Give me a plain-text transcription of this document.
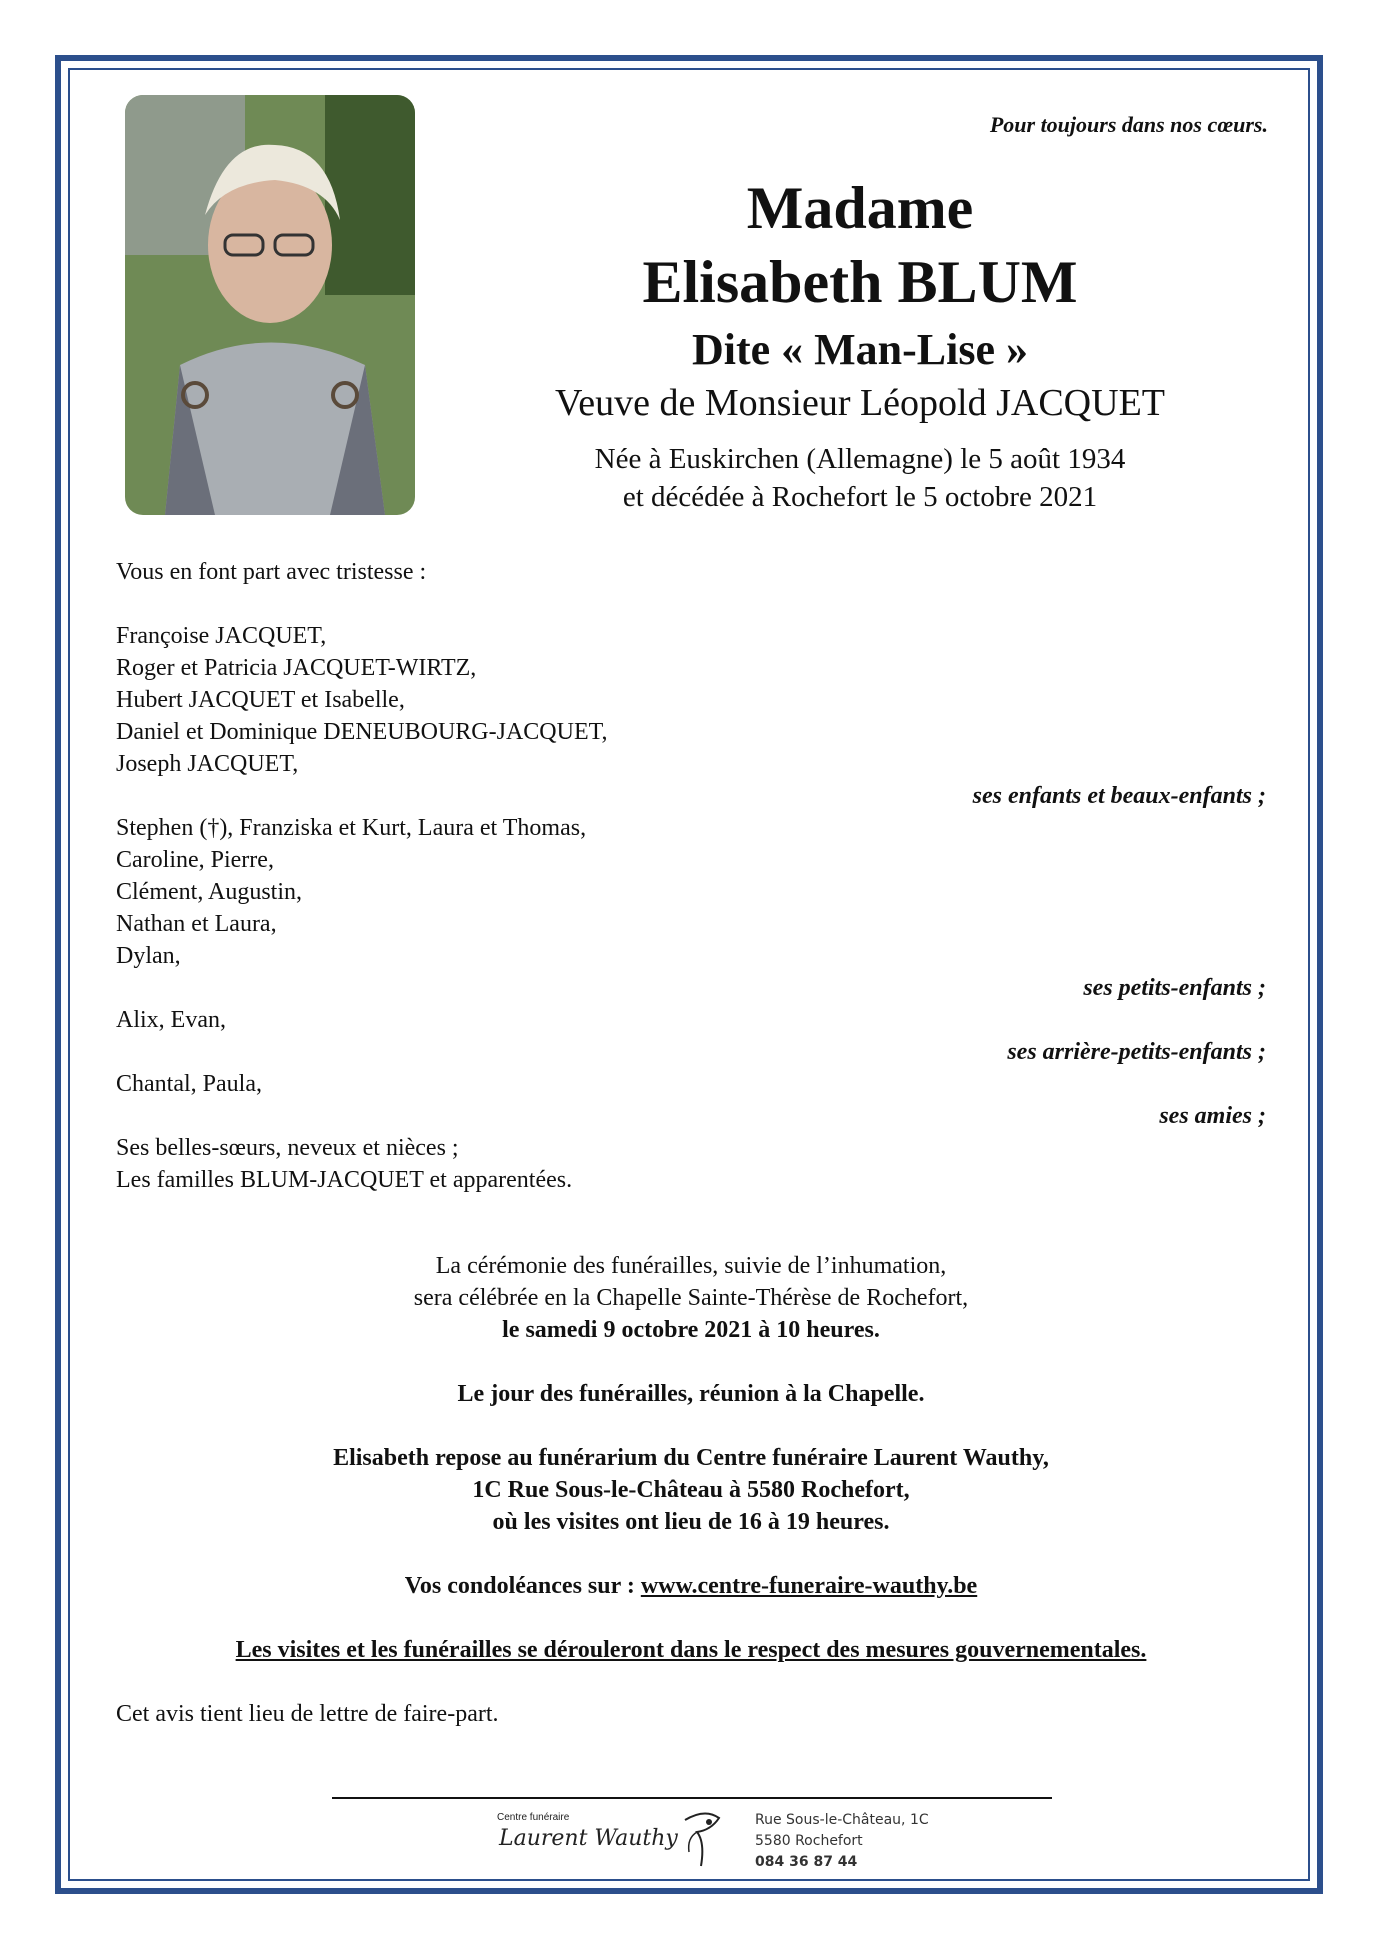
Pour toujours dans nos cœurs.
Madame
Elisabeth BLUM
Dite « Man-Lise »
Veuve de Monsieur Léopold JACQUET
Née à Euskirchen (Allemagne) le 5 août 1934
et décédée à Rochefort le 5 octobre 2021
Vous en font part avec tristesse :
Françoise JACQUET,
Roger et Patricia JACQUET-WIRTZ,
Hubert JACQUET et Isabelle,
Daniel et Dominique DENEUBOURG-JACQUET,
Joseph JACQUET,
ses enfants et beaux-enfants ;
Stephen (†), Franziska et Kurt, Laura et Thomas,
Caroline, Pierre,
Clément, Augustin,
Nathan et Laura,
Dylan,
ses petits-enfants ;
Alix, Evan,
ses arrière-petits-enfants ;
Chantal, Paula,
ses amies ;
Ses belles-sœurs, neveux et nièces ;
Les familles BLUM-JACQUET et apparentées.
La cérémonie des funérailles, suivie de l’inhumation,
sera célébrée en la Chapelle Sainte-Thérèse de Rochefort,
le samedi 9 octobre 2021 à 10 heures.
Le jour des funérailles, réunion à la Chapelle.
Elisabeth repose au funérarium du Centre funéraire Laurent Wauthy,
1C Rue Sous-le-Château à 5580 Rochefort,
où les visites ont lieu de 16 à 19 heures.
Vos condoléances sur : www.centre-funeraire-wauthy.be
Les visites et les funérailles se dérouleront dans le respect des mesures gouvernementales.
Cet avis tient lieu de lettre de faire-part.
Centre funéraire
Laurent Wauthy
Rue Sous-le-Château, 1C
5580 Rochefort
084 36 87 44
